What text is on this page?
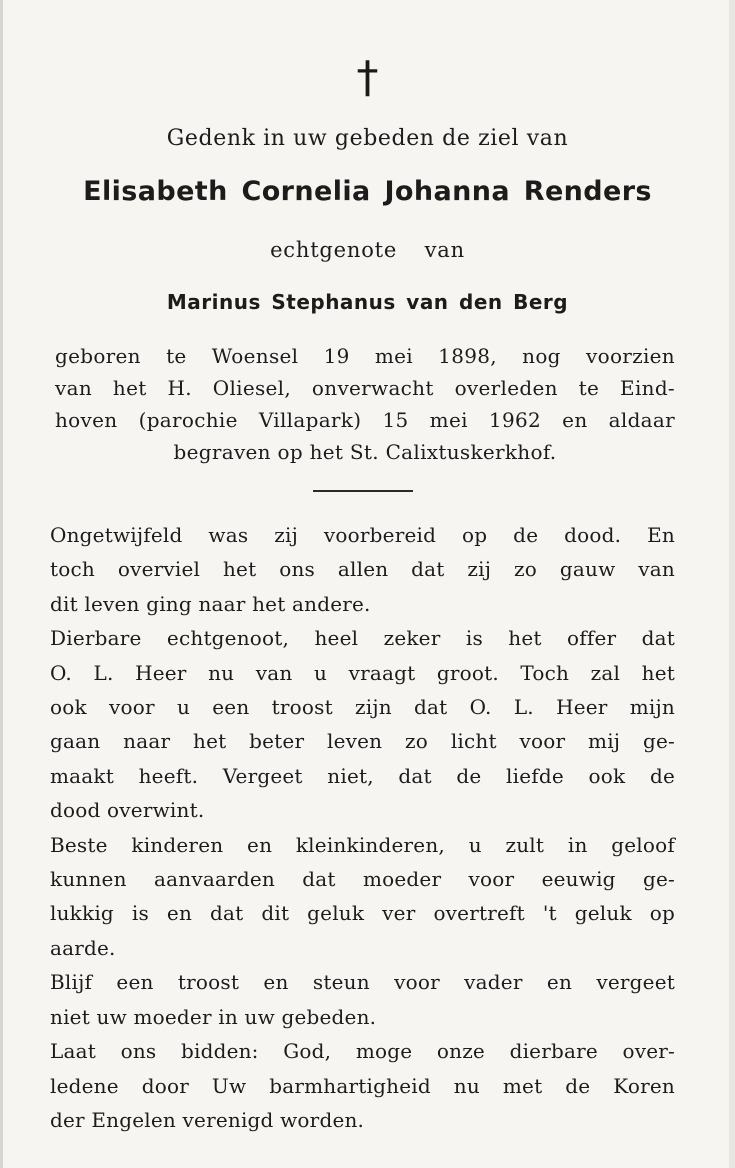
†
Gedenk in uw gebeden de ziel van
Elisabeth Cornelia Johanna Renders
echtgenote van
Marinus Stephanus van den Berg
geboren te Woensel 19 mei 1898, nog voorzien
van het H. Oliesel, onverwacht overleden te Eind-
hoven (parochie Villapark) 15 mei 1962 en aldaar
begraven op het St. Calixtuskerkhof.
Ongetwijfeld was zij voorbereid op de dood. En
toch overviel het ons allen dat zij zo gauw van
dit leven ging naar het andere.
Dierbare echtgenoot, heel zeker is het offer dat
O. L. Heer nu van u vraagt groot. Toch zal het
ook voor u een troost zijn dat O. L. Heer mijn
gaan naar het beter leven zo licht voor mij ge-
maakt heeft. Vergeet niet, dat de liefde ook de
dood overwint.
Beste kinderen en kleinkinderen, u zult in geloof
kunnen aanvaarden dat moeder voor eeuwig ge-
lukkig is en dat dit geluk ver overtreft 't geluk op
aarde.
Blijf een troost en steun voor vader en vergeet
niet uw moeder in uw gebeden.
Laat ons bidden: God, moge onze dierbare over-
ledene door Uw barmhartigheid nu met de Koren
der Engelen verenigd worden.
